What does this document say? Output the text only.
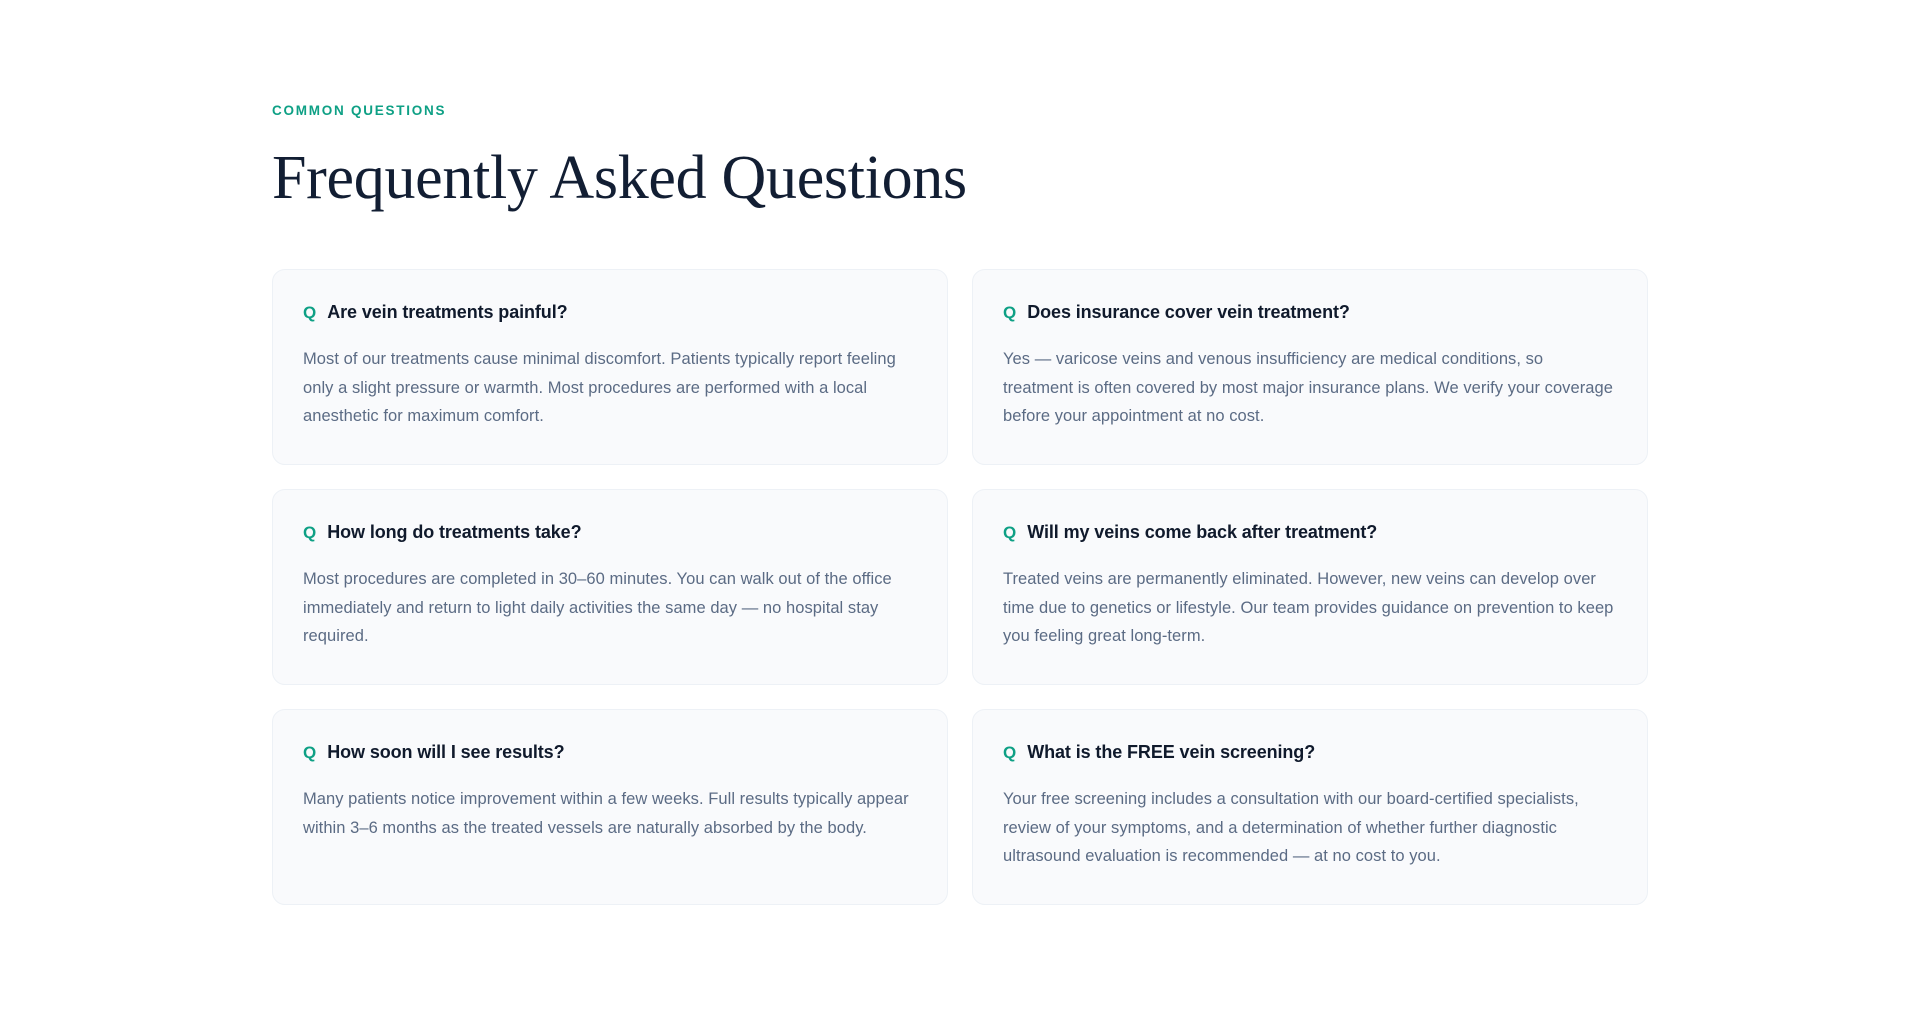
COMMON QUESTIONS
Frequently Asked Questions
Q Are vein treatments painful?

Most of our treatments cause minimal discomfort. Patients typically report feeling only a slight pressure or warmth. Most procedures are performed with a local anesthetic for maximum comfort.

Q Does insurance cover vein treatment?

Yes — varicose veins and venous insufficiency are medical conditions, so treatment is often covered by most major insurance plans. We verify your coverage before your appointment at no cost.

Q How long do treatments take?

Most procedures are completed in 30–60 minutes. You can walk out of the office immediately and return to light daily activities the same day — no hospital stay required.

Q Will my veins come back after treatment?

Treated veins are permanently eliminated. However, new veins can develop over time due to genetics or lifestyle. Our team provides guidance on prevention to keep you feeling great long-term.

Q How soon will I see results?

Many patients notice improvement within a few weeks. Full results typically appear within 3–6 months as the treated vessels are naturally absorbed by the body.

Q What is the FREE vein screening?

Your free screening includes a consultation with our board-certified specialists, review of your symptoms, and a determination of whether further diagnostic ultrasound evaluation is recommended — at no cost to you.
